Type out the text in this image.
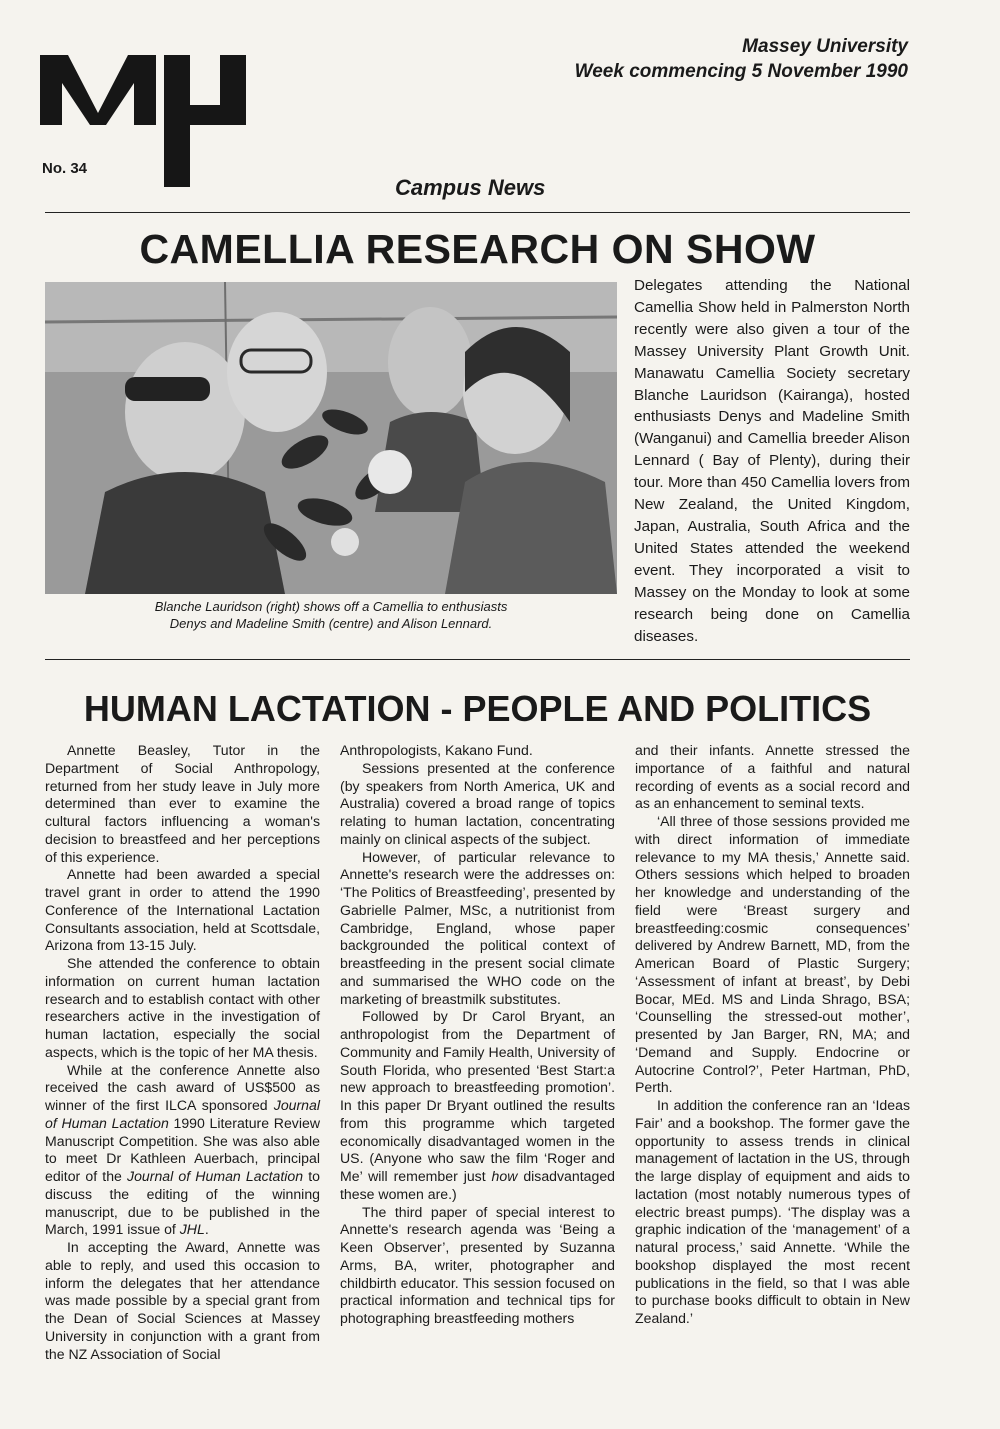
No. 34
Massey University
Week commencing 5 November 1990
Campus News
CAMELLIA RESEARCH ON SHOW
Blanche Lauridson (right) shows off a Camellia to enthusiasts
Denys and Madeline Smith (centre) and Alison Lennard.
Delegates attending the National Camellia Show held in Palmerston North recently were also given a tour of the Massey University Plant Growth Unit. Manawatu Camellia Society secretary Blanche Lauridson (Kairanga), hosted enthusiasts Denys and Madeline Smith (Wanganui) and Camellia breeder Alison Lennard ( Bay of Plenty), during their tour. More than 450 Camellia lovers from New Zealand, the United Kingdom, Japan, Australia, South Africa and the United States attended the weekend event. They incorporated a visit to Massey on the Monday to look at some research being done on Camellia diseases.
HUMAN LACTATION - PEOPLE AND POLITICS

Annette Beasley, Tutor in the Department of Social Anthropology, returned from her study leave in July more determined than ever to examine the cultural factors influencing a woman's decision to breastfeed and her perceptions of this experience.

Annette had been awarded a special travel grant in order to attend the 1990 Conference of the International Lactation Consultants association, held at Scottsdale, Arizona from 13-15 July.

She attended the conference to obtain information on current human lactation research and to establish contact with other researchers active in the investigation of human lactation, especially the social aspects, which is the topic of her MA thesis.

While at the conference Annette also received the cash award of US$500 as winner of the first ILCA sponsored Journal of Human Lactation 1990 Literature Review Manuscript Competition. She was also able to meet Dr Kathleen Auerbach, principal editor of the Journal of Human Lactation to discuss the editing of the winning manuscript, due to be published in the March, 1991 issue of JHL.

In accepting the Award, Annette was able to reply, and used this occasion to inform the delegates that her attendance was made possible by a special grant from the Dean of Social Sciences at Massey University in conjunction with a grant from the NZ Association of Social

Anthropologists, Kakano Fund.

Sessions presented at the conference (by speakers from North America, UK and Australia) covered a broad range of topics relating to human lactation, concentrating mainly on clinical aspects of the subject.

However, of particular relevance to Annette's research were the addresses on: ‘The Politics of Breastfeeding’, presented by Gabrielle Palmer, MSc, a nutritionist from Cambridge, England, whose paper backgrounded the political context of breastfeeding in the present social climate and summarised the WHO code on the marketing of breastmilk substitutes.

Followed by Dr Carol Bryant, an anthropologist from the Department of Community and Family Health, University of South Florida, who presented ‘Best Start:a new approach to breastfeeding promotion’. In this paper Dr Bryant outlined the results from this programme which targeted economically disadvantaged women in the US. (Anyone who saw the film ‘Roger and Me’ will remember just how disadvantaged these women are.)

The third paper of special interest to Annette's research agenda was ‘Being a Keen Observer’, presented by Suzanna Arms, BA, writer, photographer and childbirth educator. This session focused on practical information and technical tips for photographing breastfeeding mothers

and their infants. Annette stressed the importance of a faithful and natural recording of events as a social record and as an enhancement to seminal texts.

‘All three of those sessions provided me with direct information of immediate relevance to my MA thesis,’ Annette said. Others sessions which helped to broaden her knowledge and understanding of the field were ‘Breast surgery and breastfeeding:cosmic consequences’ delivered by Andrew Barnett, MD, from the American Board of Plastic Surgery; ‘Assessment of infant at breast’, by Debi Bocar, MEd. MS and Linda Shrago, BSA; ‘Counselling the stressed-out mother’, presented by Jan Barger, RN, MA; and ‘Demand and Supply. Endocrine or Autocrine Control?’, Peter Hartman, PhD, Perth.

In addition the conference ran an ‘Ideas Fair’ and a bookshop. The former gave the opportunity to assess trends in clinical management of lactation in the US, through the large display of equipment and aids to lactation (most notably numerous types of electric breast pumps). ‘The display was a graphic indication of the ‘management’ of a natural process,’ said Annette. ‘While the bookshop displayed the most recent publications in the field, so that I was able to purchase books difficult to obtain in New Zealand.’
